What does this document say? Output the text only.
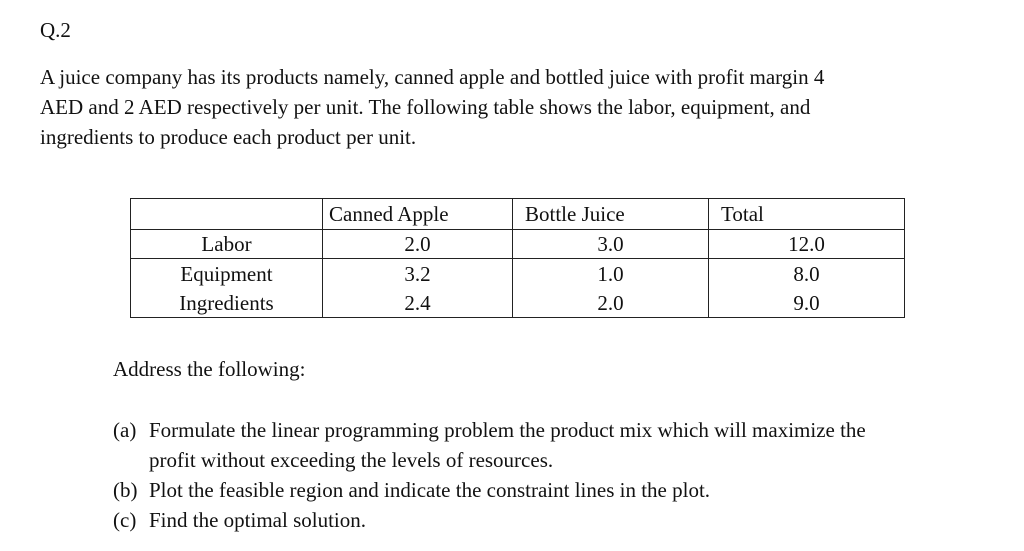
Q.2
A juice company has its products namely, canned apple and bottled juice with profit margin 4
AED and 2 AED respectively per unit. The following table shows the labor, equipment, and
ingredients to produce each product per unit.
	Canned Apple	Bottle Juice	Total
Labor	2.0	3.0	12.0
Equipment	3.2	1.0	8.0
Ingredients	2.4	2.0	9.0
Address the following:
(a) Formulate the linear programming problem the product mix which will maximize the
profit without exceeding the levels of resources.
(b) Plot the feasible region and indicate the constraint lines in the plot.
(c) Find the optimal solution.
